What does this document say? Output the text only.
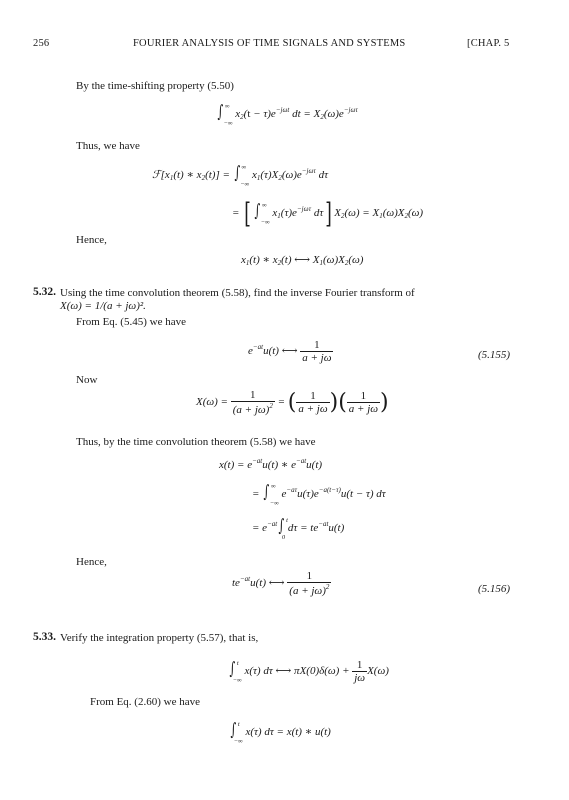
256	FOURIER ANALYSIS OF TIME SIGNALS AND SYSTEMS	[CHAP. 5
By the time-shifting property (5.50)
∫ ∞$_{-\infty}$ $x_2(t - \tau)e^{-j\omega t}$ dt = $X_2(\omega)e^{-j\omega\tau}$
Thus, we have
$ℱ[x_1(t)$ ∗ $x_2(t)$] = ∫ ∞$_{-\infty}$ $x_1(\tau)X_2(\omega)e^{-j\omega\tau}$ dτ
= [ ∫ ∞$_{-\infty}$ $x_1(\tau)e^{-j\omega\tau}$ dτ] $X_2(\omega) = X_1(\omega)X_2(\omega)$
Hence,
$x_1(t)$ ∗ $x_2(t)$ ⟷ $X_1(\omega)X_2(\omega)$
5.32. Using the time convolution theorem (5.58), find the inverse Fourier transform of
X(ω) = 1/(a + jω)².
From Eq. (5.45) we have
$e^{-at}u(t)$ ⟷ $\frac{1}{a + j\omega}$	(5.155)
Now
$X(\omega) = \frac{1}{(a + j\omega)^2}$ = ( $\frac{1}{a + j\omega}$ )( $\frac{1}{a + j\omega}$ )
Thus, by the time convolution theorem (5.58) we have
$x(t) = e^{-at}u(t)$ ∗ $e^{-at}u(t)$
= ∫ ∞$_{-\infty}$ $e^{-a\tau}u(\tau)e^{-a(t-\tau)}u(t - \tau)$ dτ
= $e^{-at}\int$ $^t_0$ $d\tau = te^{-at}u(t)$
Hence,
$te^{-at}u(t)$ ⟷ $\frac{1}{(a + j\omega)^2}$	(5.156)
5.33. Verify the integration property (5.57), that is,
∫ $^t_{-\infty}$ x(τ) dτ ⟷ $\pi X(0)\delta(\omega) + \frac{1}{j\omega} X(\omega)$
From Eq. (2.60) we have
∫ $^t_{-\infty}$ x(τ) dτ = x(t) ∗ u(t)
